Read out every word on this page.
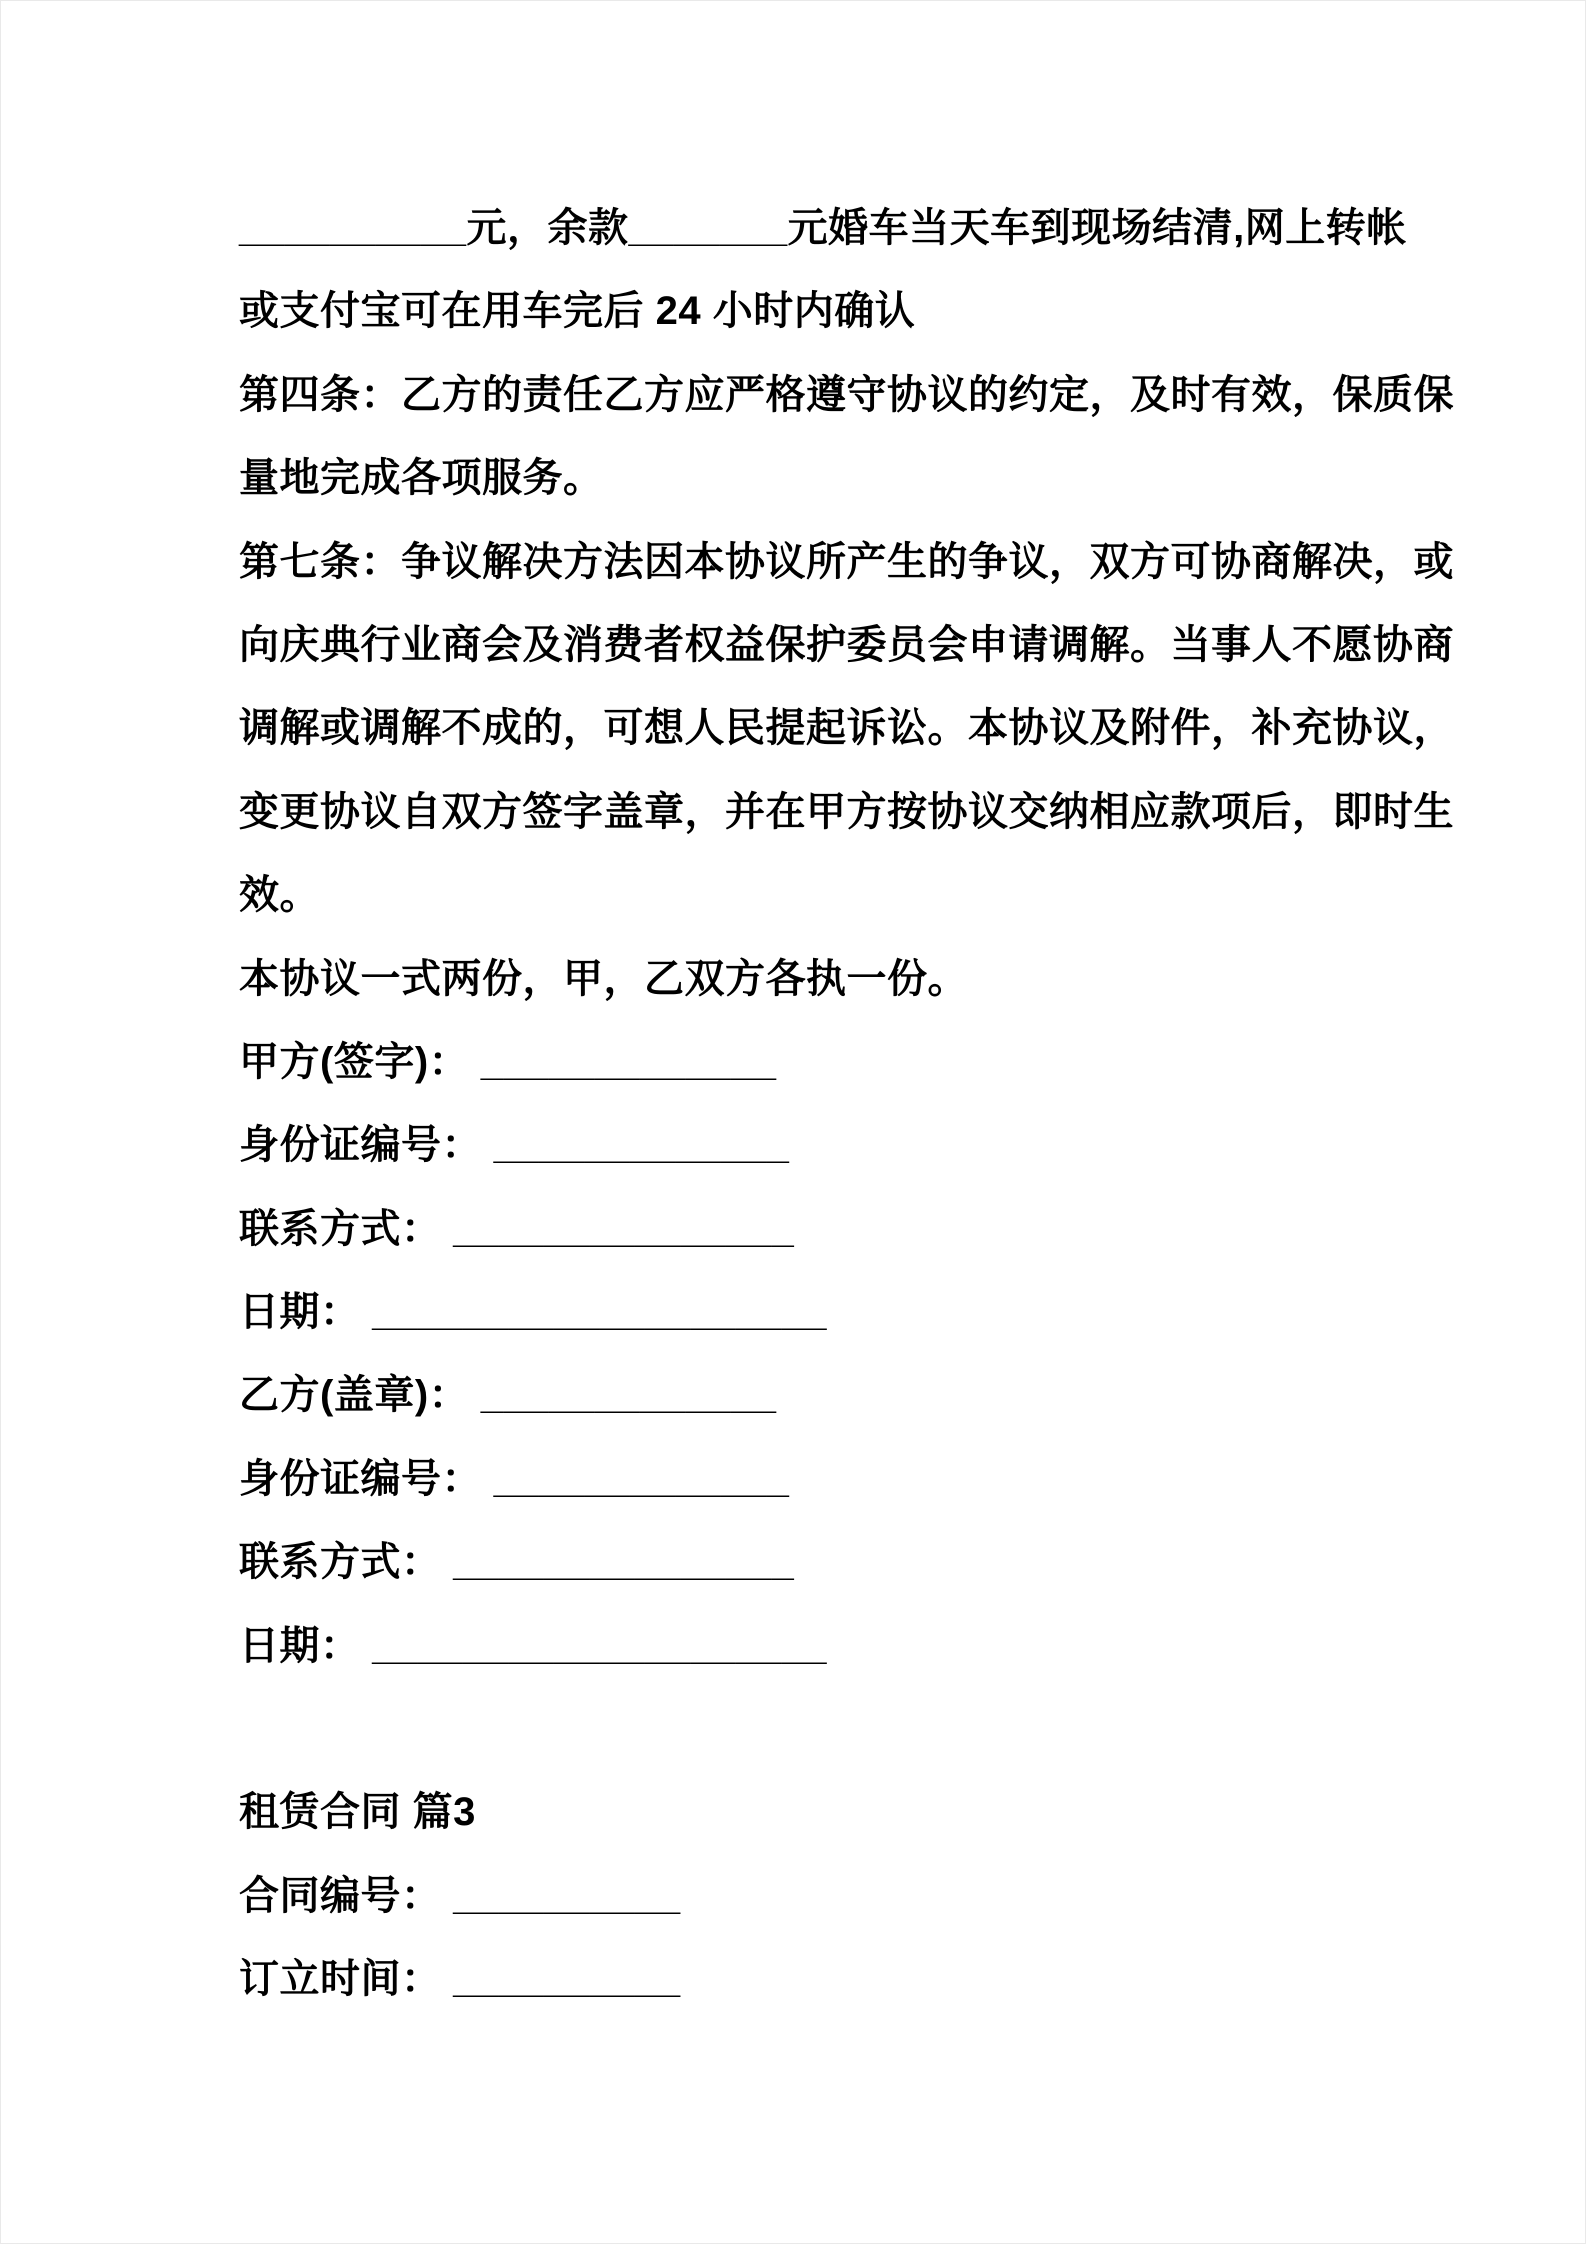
__________元，余款_______元婚车当天车到现场结清,网上转帐
或支付宝可在用车完后 24 小时内确认
第四条：乙方的责任乙方应严格遵守协议的约定，及时有效，保质保
量地完成各项服务。
第七条：争议解决方法因本协议所产生的争议，双方可协商解决，或
向庆典行业商会及消费者权益保护委员会申请调解。当事人不愿协商
调解或调解不成的，可想人民提起诉讼。本协议及附件，补充协议，
变更协议自双方签字盖章，并在甲方按协议交纳相应款项后，即时生
效。
本协议一式两份，甲，乙双方各执一份。
甲方(签字)： _____________
身份证编号： _____________
联系方式： _______________
日期： ____________________
乙方(盖章)： _____________
身份证编号： _____________
联系方式： _______________
日期： ____________________
租赁合同 篇3
合同编号： __________
订立时间： __________
